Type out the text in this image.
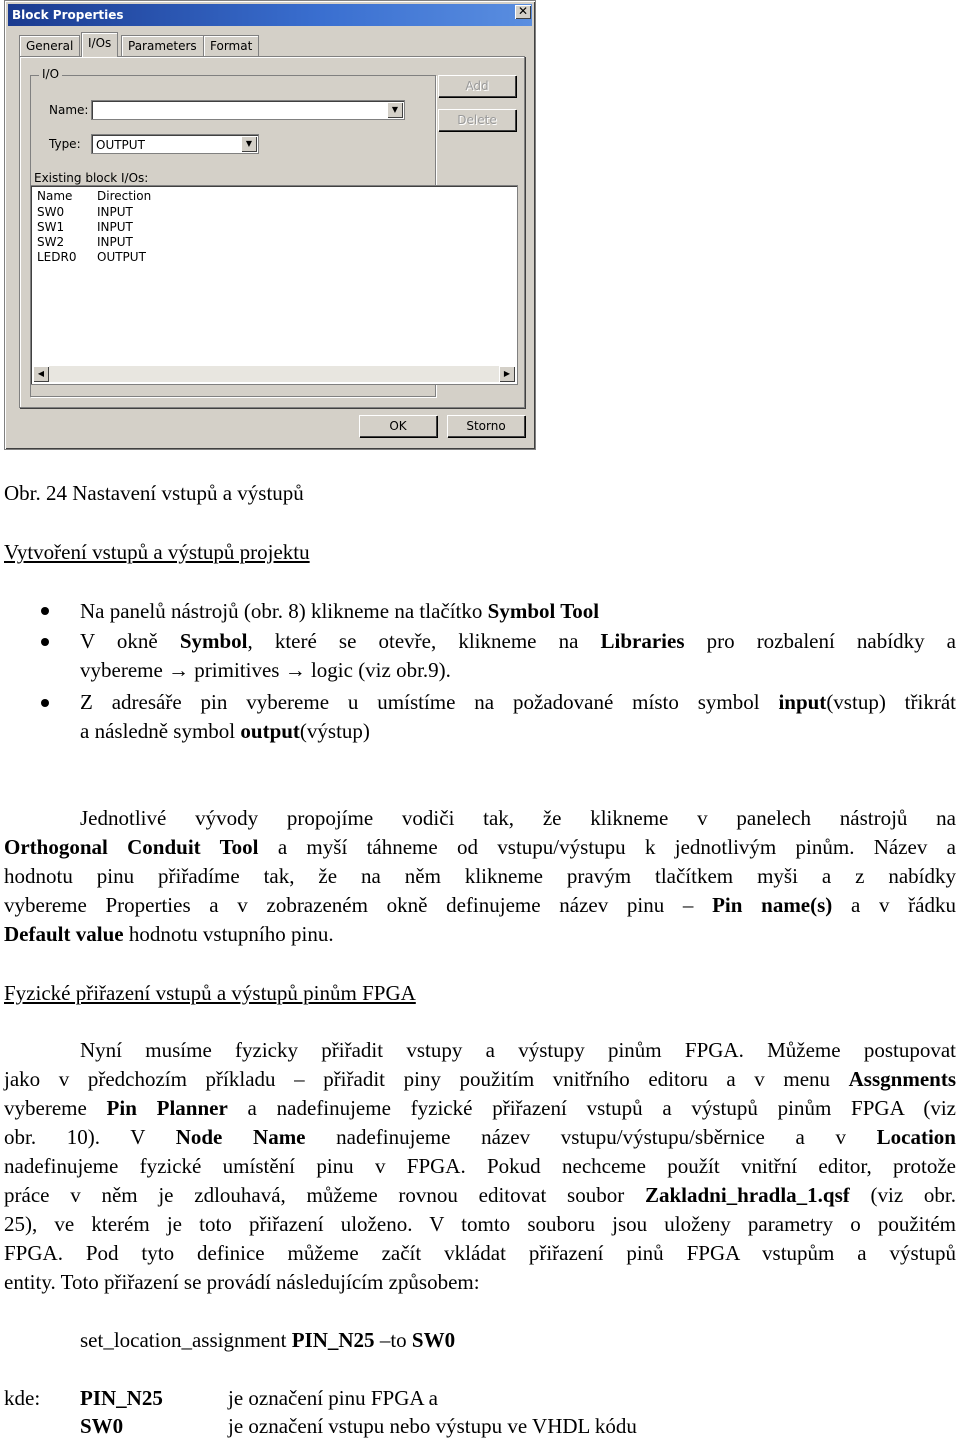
Block Properties	✕
General	I/Os	Parameters	Format
I/O
Name:	▼
Type:	OUTPUT	▼
Existing block I/Os:
Name Direction
SW0	INPUT
SW1	INPUT
SW2	INPUT
LEDR0 OUTPUT
◀	▶
Add
Delete
OK	Storno
Obr. 24 Nastavení vstupů a výstupů
Vytvoření vstupů a výstupů projektu
Na panelů nástrojů (obr. 8) klikneme na tlačítko Symbol Tool
V okně Symbol, které se otevře, klikneme na Libraries pro rozbalení nabídky a
vybereme → primitives → logic (viz obr.9).
Z adresáře pin vybereme u umístíme na požadované místo symbol input(vstup) třikrát
a následně symbol output(výstup)
Jednotlivé vývody propojíme vodiči tak, že klikneme v panelech nástrojů na
Orthogonal Conduit Tool a myší táhneme od vstupu/výstupu k jednotlivým pinům. Název a
hodnotu pinu přiřadíme tak, že na něm klikneme pravým tlačítkem myši a z nabídky
vybereme Properties a v zobrazeném okně definujeme název pinu – Pin name(s) a v řádku
Default value hodnotu vstupního pinu.
Fyzické přiřazení vstupů a výstupů pinům FPGA
Nyní musíme fyzicky přiřadit vstupy a výstupy pinům FPGA. Můžeme postupovat
jako v předchozím příkladu – přiřadit piny použitím vnitřního editoru a v menu Assgnments
vybereme Pin Planner a nadefinujeme fyzické přiřazení vstupů a výstupů pinům FPGA (viz
obr. 10). V Node Name nadefinujeme název vstupu/výstupu/sběrnice a v Location
nadefinujeme fyzické umístění pinu v FPGA. Pokud nechceme použít vnitřní editor, protože
práce v něm je zdlouhavá, můžeme rovnou editovat soubor Zakladni_hradla_1.qsf (viz obr.
25), ve kterém je toto přiřazení uloženo. V tomto souboru jsou uloženy parametry o použitém
FPGA. Pod tyto definice můžeme začít vkládat přiřazení pinů FPGA vstupům a výstupů
entity. Toto přiřazení se provádí následujícím způsobem:
set_location_assignment PIN_N25 –to SW0
kde: PIN_N25	je označení pinu FPGA a
SW0	je označení vstupu nebo výstupu ve VHDL kódu
